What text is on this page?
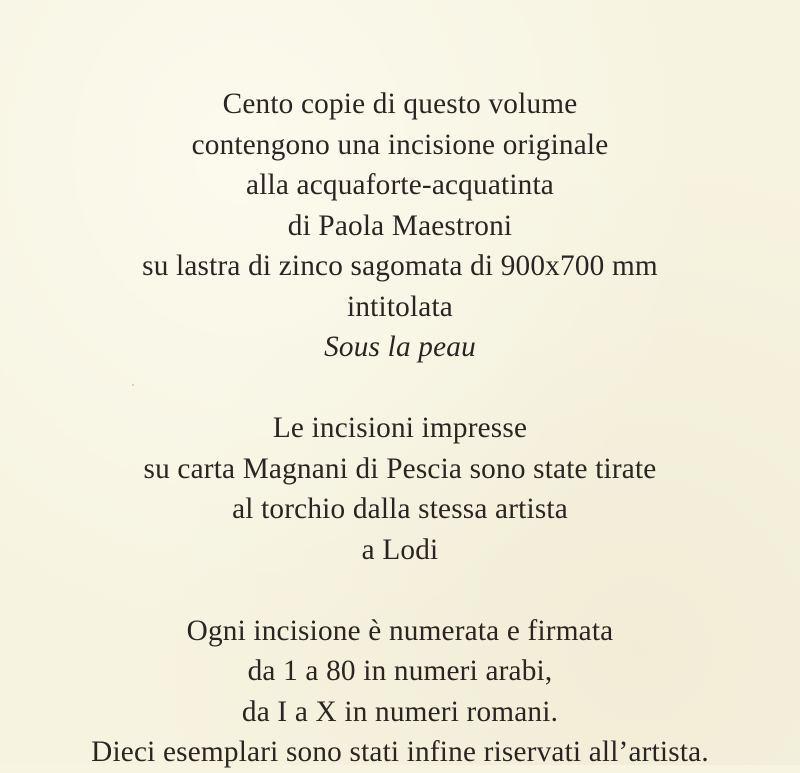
Cento copie di questo volume
contengono una incisione originale
alla acquaforte-acquatinta
di Paola Maestroni
su lastra di zinco sagomata di 900x700 mm
intitolata
Sous la peau
Le incisioni impresse
su carta Magnani di Pescia sono state tirate
al torchio dalla stessa artista
a Lodi
Ogni incisione è numerata e firmata
da 1 a 80 in numeri arabi,
da I a X in numeri romani.
Dieci esemplari sono stati infine riservati all’artista.
